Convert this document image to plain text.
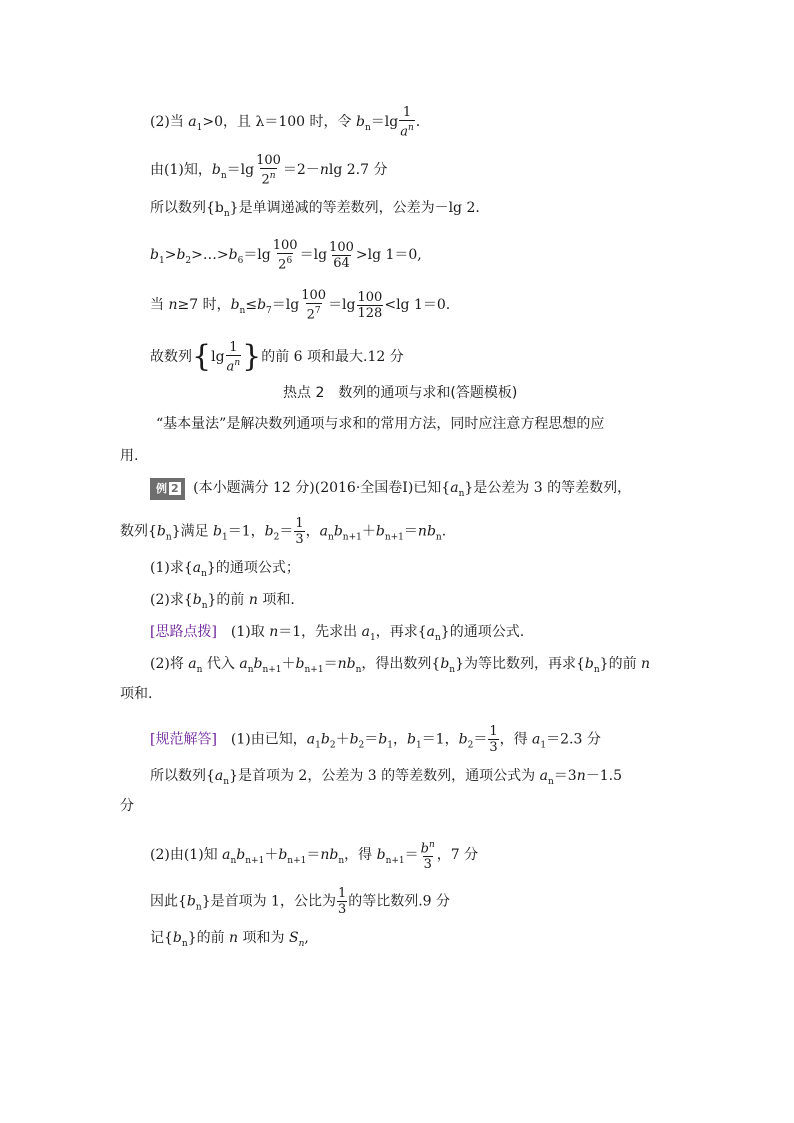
(2)当 $a_1>0$，且 λ＝100 时，令 $b_n=\lg \frac{1}{a^n}$ .
由(1)知，$b_n=\lg \frac{100}{2^n} =2-nlg$ 2.7 分
所以数列$\{b_n\}$是单调递减的等差数列，公差为－lg 2.
$b_1>b_2>\dots>b_6=\lg \frac{100}{2^6} =\lg \frac{100}{64} >\lg$ 1＝0,
当 n≥7 时，$b_n\le b_7=\lg \frac{100}{2^7} =\lg \frac{100}{128} <\lg$ 1＝0.
故数列{$\lg \frac{1}{a^n}$ }的前 6 项和最大.12 分
热点 2　数列的通项与求和(答题模板)
“基本量法”是解决数列通项与求和的常用方法，同时应注意方程思想的应
用.
例 2 (本小题满分 12 分)(2016·全国卷Ⅰ)已知$\{a_n\}$是公差为 3 的等差数列，
数列$\{b_n\}$满足 $b_1=1$，$b_2= \frac{1}{3}$ ，$a_nb_{n+1}+b_{n+1}=nb_n$.
(1)求$\{a_n\}$的通项公式；
(2)求$\{b_n\}$的前 n 项和.
[思路点拨]　(1)取 n＝1，先求出 $a_1$，再求$\{a_n\}$的通项公式.
(2)将 $a_n$ 代入 $a_nb_{n+1}+b_{n+1}=nb_n$，得出数列$\{b_n\}$为等比数列，再求$\{b_n\}$的前 n
项和.
[规范解答]　(1)由已知，$a_1b_2+b_2=b_1$，$b_1=1$，$b_2= \frac{1}{3}$ ，得 $a_1=2.3$ 分
所以数列$\{a_n\}$是首项为 2，公差为 3 的等差数列，通项公式为 $a_n=3n-1.5$
分
(2)由(1)知 $a_nb_{n+1}+b_{n+1}=nb_n$，得 $b_{n+1}= \frac{b^n}{3}$ ，7 分
因此$\{b_n\}$是首项为 1，公比为 $\frac{1}{3}$ 的等比数列.9 分
记$\{b_n\}$的前 n 项和为 $S_n$,
